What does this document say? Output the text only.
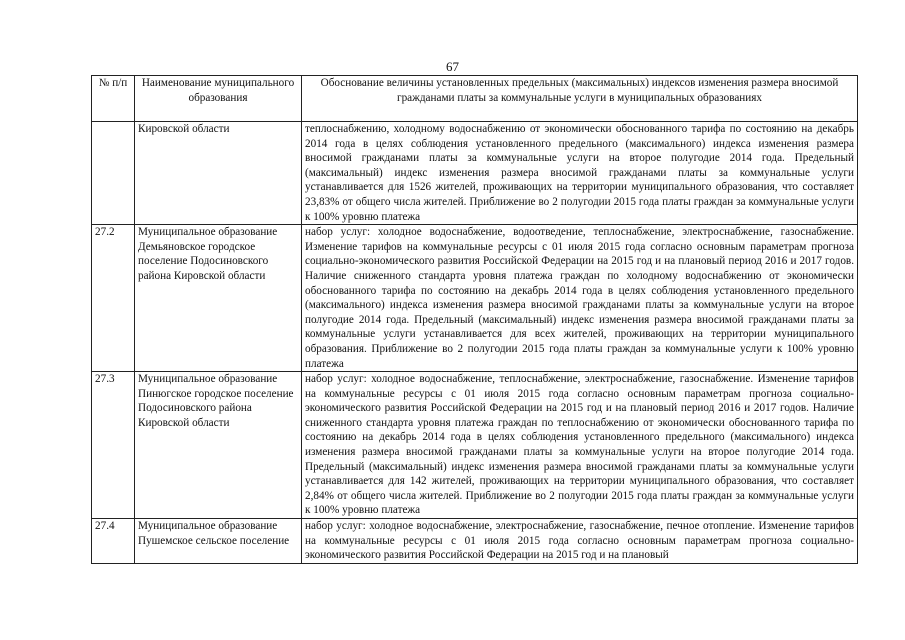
67
№ п/п	Наименование муниципального образования	Обоснование величины установленных предельных (максимальных) индексов изменения размера вносимой гражданами платы за коммунальные услуги в муниципальных образованиях
	Кировской области	теплоснабжению, холодному водоснабжению от экономически обоснованного тарифа по состоянию на декабрь 2014 года в целях соблюдения установленного предельного (максимального) индекса изменения размера вносимой гражданами платы за коммунальные услуги на второе полугодие 2014 года. Предельный (максимальный) индекс изменения размера вносимой гражданами платы за коммунальные услуги устанавливается для 1526 жителей, проживающих на территории муниципального образования, что составляет 23,83% от общего числа жителей. Приближение во 2 полугодии 2015 года платы граждан за коммунальные услуги к 100% уровню платежа
27.2	Муниципальное образование Демьяновское городское поселение Подосиновского района Кировской области	набор услуг: холодное водоснабжение, водоотведение, теплоснабжение, электроснабжение, газоснабжение. Изменение тарифов на коммунальные ресурсы с 01 июля 2015 года согласно основным параметрам прогноза социально-экономического развития Российской Федерации на 2015 год и на плановый период 2016 и 2017 годов. Наличие сниженного стандарта уровня платежа граждан по холодному водоснабжению от экономически обоснованного тарифа по состоянию на декабрь 2014 года в целях соблюдения установленного предельного (максимального) индекса изменения размера вносимой гражданами платы за коммунальные услуги на второе полугодие 2014 года. Предельный (максимальный) индекс изменения размера вносимой гражданами платы за коммунальные услуги устанавливается для всех жителей, проживающих на территории муниципального образования. Приближение во 2 полугодии 2015 года платы граждан за коммунальные услуги к 100% уровню платежа
27.3	Муниципальное образование Пинюгское городское поселение Подосиновского района Кировской области	набор услуг: холодное водоснабжение, теплоснабжение, электроснабжение, газоснабжение. Изменение тарифов на коммунальные ресурсы с 01 июля 2015 года согласно основным параметрам прогноза социально-экономического развития Российской Федерации на 2015 год и на плановый период 2016 и 2017 годов. Наличие сниженного стандарта уровня платежа граждан по теплоснабжению от экономически обоснованного тарифа по состоянию на декабрь 2014 года в целях соблюдения установленного предельного (максимального) индекса изменения размера вносимой гражданами платы за коммунальные услуги на второе полугодие 2014 года. Предельный (максимальный) индекс изменения размера вносимой гражданами платы за коммунальные услуги устанавливается для 142 жителей, проживающих на территории муниципального образования, что составляет 2,84% от общего числа жителей. Приближение во 2 полугодии 2015 года платы граждан за коммунальные услуги к 100% уровню платежа
27.4	Муниципальное образование Пушемское сельское поселение	набор услуг: холодное водоснабжение, электроснабжение, газоснабжение, печное отопление. Изменение тарифов на коммунальные ресурсы с 01 июля 2015 года согласно основным параметрам прогноза социально-экономического развития Российской Федерации на 2015 год и на плановый
